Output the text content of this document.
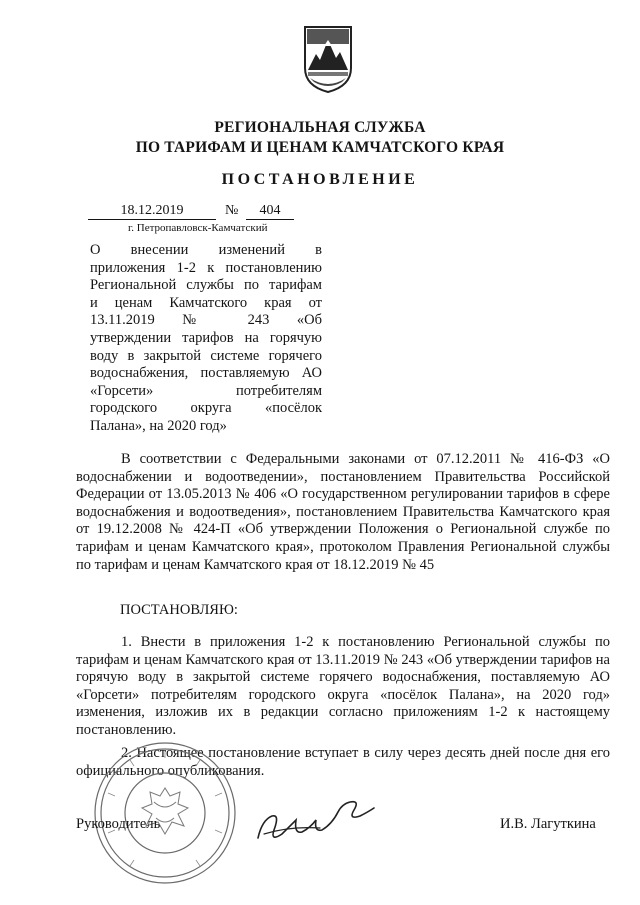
РЕГИОНАЛЬНАЯ СЛУЖБА
ПО ТАРИФАМ И ЦЕНАМ КАМЧАТСКОГО КРАЯ
ПОСТАНОВЛЕНИЕ
18.12.2019	№	404
г. Петропавловск-Камчатский
О внесении изменений в
приложения 1-2 к постановлению
Региональной службы по тарифам
и ценам Камчатского края от
13.11.2019 № 243 «Об
утверждении тарифов на горячую
воду в закрытой системе горячего
водоснабжения, поставляемую АО
«Горсети» потребителям
городского округа «посёлок
Палана», на 2020 год»
В соответствии с Федеральными законами от 07.12.2011 № 416-ФЗ «О водоснабжении и водоотведении», постановлением Правительства Российской Федерации от 13.05.2013 № 406 «О государственном регулировании тарифов в сфере водоснабжения и водоотведения», постановлением Правительства Камчатского края от 19.12.2008 № 424-П «Об утверждении Положения о Региональной службе по тарифам и ценам Камчатского края», протоколом Правления Региональной службы по тарифам и ценам Камчатского края от 18.12.2019 № 45
ПОСТАНОВЛЯЮ:
1. Внести в приложения 1-2 к постановлению Региональной службы по тарифам и ценам Камчатского края от 13.11.2019 № 243 «Об утверждении тарифов на горячую воду в закрытой системе горячего водоснабжения, поставляемую АО «Горсети» потребителям городского округа «посёлок Палана», на 2020 год» изменения, изложив их в редакции согласно приложениям 1-2 к настоящему постановлению.
2. Настоящее постановление вступает в силу через десять дней после дня его официального опубликования.
Руководитель	И.В. Лагуткина
